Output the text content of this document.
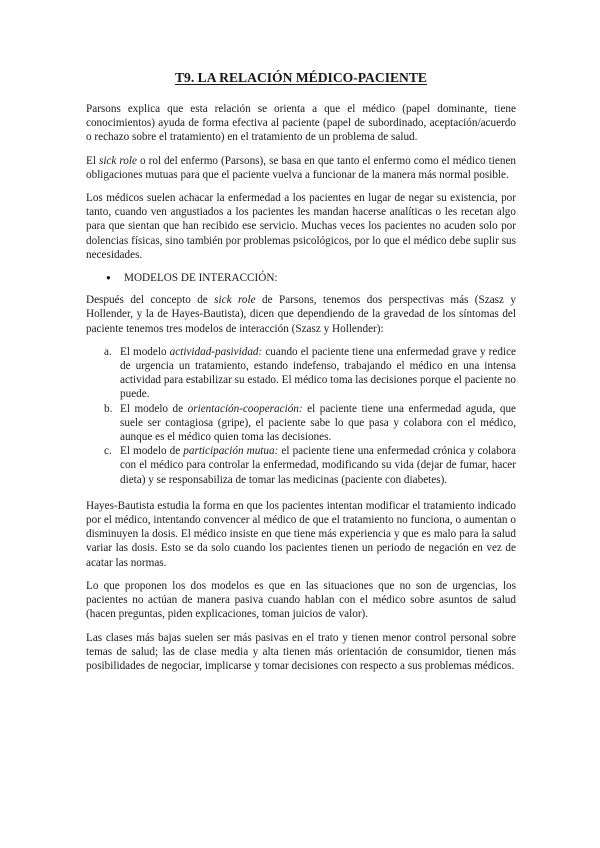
T9. LA RELACIÓN MÉDICO-PACIENTE

Parsons explica que esta relación se orienta a que el médico (papel dominante, tiene conocimientos) ayuda de forma efectiva al paciente (papel de subordinado, aceptación/acuerdo o rechazo sobre el tratamiento) en el tratamiento de un problema de salud.

El sick role o rol del enfermo (Parsons), se basa en que tanto el enfermo como el médico tienen obligaciones mutuas para que el paciente vuelva a funcionar de la manera más normal posible.

Los médicos suelen achacar la enfermedad a los pacientes en lugar de negar su existencia, por tanto, cuando ven angustiados a los pacientes les mandan hacerse analíticas o les recetan algo para que sientan que han recibido ese servicio. Muchas veces los pacientes no acuden solo por dolencias físicas, sino también por problemas psicológicos, por lo que el médico debe suplir sus necesidades.

●	MODELOS DE INTERACCIÓN:

Después del concepto de sick role de Parsons, tenemos dos perspectivas más (Szasz y Hollender, y la de Hayes-Bautista), dicen que dependiendo de la gravedad de los síntomas del paciente tenemos tres modelos de interacción (Szasz y Hollender):

a. El modelo actividad-pasividad: cuando el paciente tiene una enfermedad grave y redice de urgencia un tratamiento, estando indefenso, trabajando el médico en una intensa actividad para estabilizar su estado. El médico toma las decisiones porque el paciente no puede.
b. El modelo de orientación-cooperación: el paciente tiene una enfermedad aguda, que suele ser contagiosa (gripe), el paciente sabe lo que pasa y colabora con el médico, aunque es el médico quien toma las decisiones.
c. El modelo de participación mutua: el paciente tiene una enfermedad crónica y colabora con el médico para controlar la enfermedad, modificando su vida (dejar de fumar, hacer dieta) y se responsabiliza de tomar las medicinas (paciente con diabetes).

Hayes-Bautista estudia la forma en que los pacientes intentan modificar el tratamiento indicado por el médico, intentando convencer al médico de que el tratamiento no funciona, o aumentan o disminuyen la dosis. El médico insiste en que tiene más experiencia y que es malo para la salud variar las dosis. Esto se da solo cuando los pacientes tienen un periodo de negación en vez de acatar las normas.

Lo que proponen los dos modelos es que en las situaciones que no son de urgencias, los pacientes no actúan de manera pasiva cuando hablan con el médico sobre asuntos de salud (hacen preguntas, piden explicaciones, toman juicios de valor).

Las clases más bajas suelen ser más pasivas en el trato y tienen menor control personal sobre temas de salud; las de clase media y alta tienen más orientación de consumidor, tienen más posibilidades de negociar, implicarse y tomar decisiones con respecto a sus problemas médicos.
